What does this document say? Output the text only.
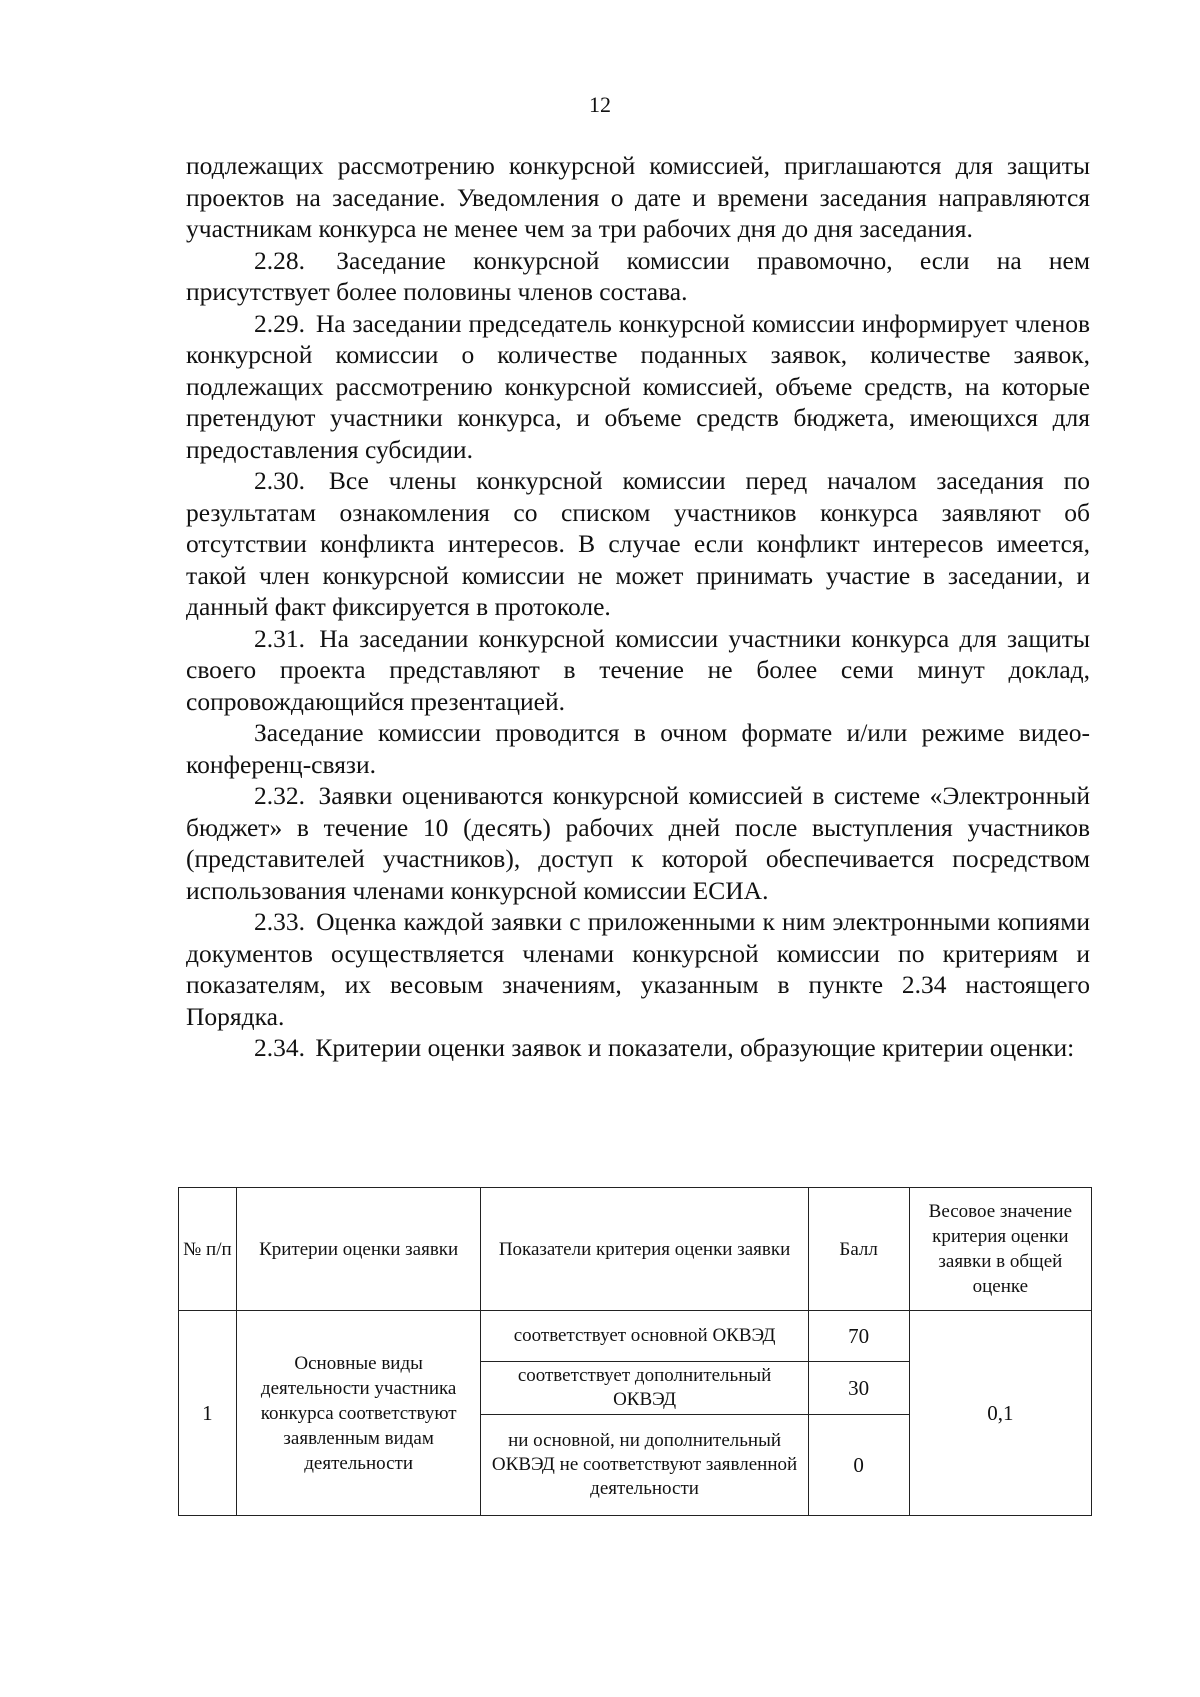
12

подлежащих рассмотрению конкурсной комиссией, приглашаются для защиты проектов на заседание. Уведомления о дате и времени заседания направляются участникам конкурса не менее чем за три рабочих дня до дня заседания.

2.28. Заседание конкурсной комиссии правомочно, если на нем присутствует более половины членов состава.

2.29. На заседании председатель конкурсной комиссии информирует членов конкурсной комиссии о количестве поданных заявок, количестве заявок, подлежащих рассмотрению конкурсной комиссией, объеме средств, на которые претендуют участники конкурса, и объеме средств бюджета, имеющихся для предоставления субсидии.

2.30. Все члены конкурсной комиссии перед началом заседания по результатам ознакомления со списком участников конкурса заявляют об отсутствии конфликта интересов. В случае если конфликт интересов имеется, такой член конкурсной комиссии не может принимать участие в заседании, и данный факт фиксируется в протоколе.

2.31. На заседании конкурсной комиссии участники конкурса для защиты своего проекта представляют в течение не более семи минут доклад, сопровождающийся презентацией.

Заседание комиссии проводится в очном формате и/или режиме видео-конференц-связи.

2.32. Заявки оцениваются конкурсной комиссией в системе «Электронный бюджет» в течение 10 (десять) рабочих дней после выступления участников (представителей участников), доступ к которой обеспечивается посредством использования членами конкурсной комиссии ЕСИА.

2.33. Оценка каждой заявки с приложенными к ним электронными копиями документов осуществляется членами конкурсной комиссии по критериям и показателям, их весовым значениям, указанным в пункте 2.34 настоящего Порядка.

2.34. Критерии оценки заявок и показатели, образующие критерии оценки:

№ п/п	Критерии оценки заявки	Показатели критерия оценки заявки	Балл	Весовое значение критерия оценки заявки в общей оценке
1	Основные виды деятельности участника конкурса соответствуют заявленным видам деятельности	соответствует основной ОКВЭД	70	0,1
		соответствует дополнительный ОКВЭД	30	
		ни основной, ни дополнительный ОКВЭД не соответствуют заявленной деятельности	0	
